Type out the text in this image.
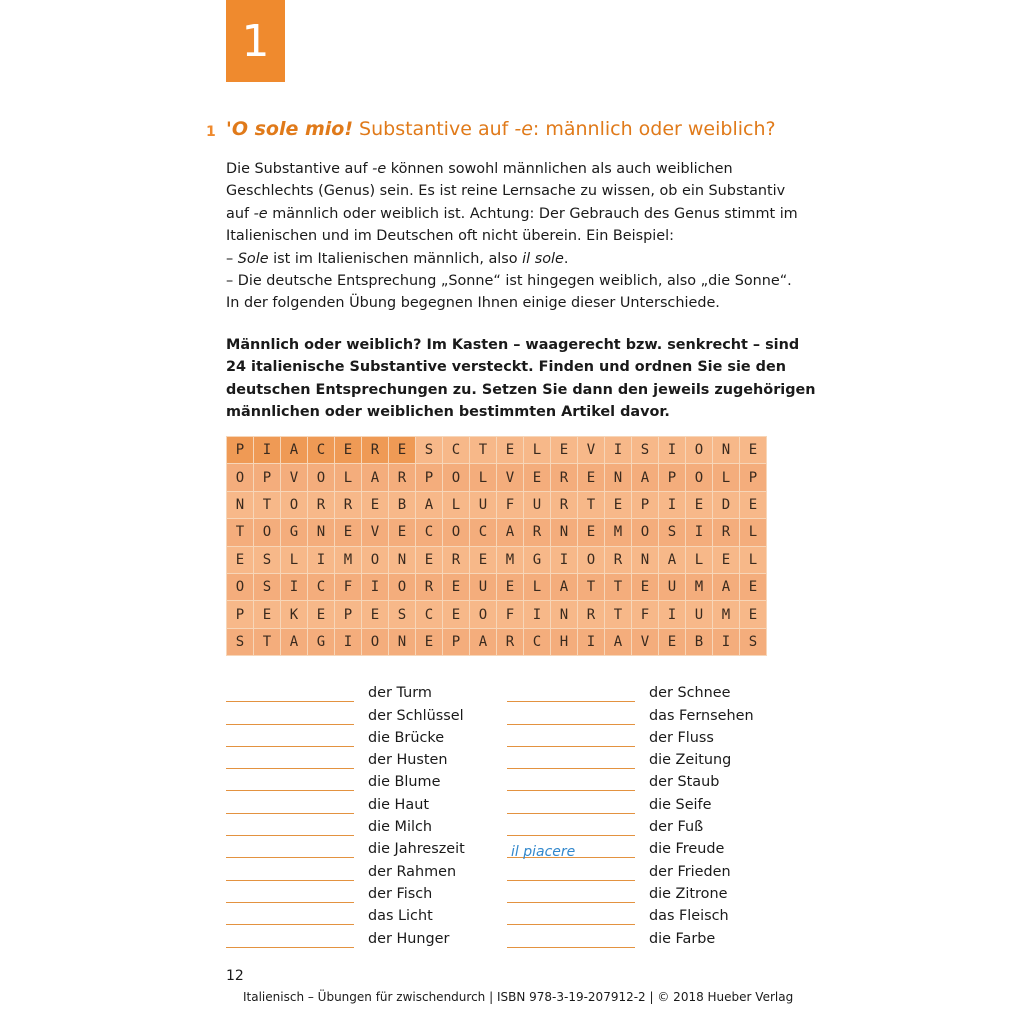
1
1 'O sole mio! Substantive auf -e: männlich oder weiblich?

Die Substantive auf -e können sowohl männlichen als auch weiblichen

Geschlechts (Genus) sein. Es ist reine Lernsache zu wissen, ob ein Substantiv

auf -e männlich oder weiblich ist. Achtung: Der Gebrauch des Genus stimmt im

Italienischen und im Deutschen oft nicht überein. Ein Beispiel:

– Sole ist im Italienischen männlich, also il sole.

– Die deutsche Entsprechung „Sonne“ ist hingegen weiblich, also „die Sonne“.

In der folgenden Übung begegnen Ihnen einige dieser Unterschiede.

Männlich oder weiblich? Im Kasten – waagerecht bzw. senkrecht – sind

24 italienische Substantive versteckt. Finden und ordnen Sie sie den

deutschen Entsprechungen zu. Setzen Sie dann den jeweils zugehörigen

männlichen oder weiblichen bestimmten Artikel davor.

P	I	A	C	E	R	E	S	C	T	E	L	E	V	I	S	I	O	N	E
O	P	V	O	L	A	R	P	O	L	V	E	R	E	N	A	P	O	L	P
N	T	O	R	R	E	B	A	L	U	F	U	R	T	E	P	I	E	D	E
T	O	G	N	E	V	E	C	O	C	A	R	N	E	M	O	S	I	R	L
E	S	L	I	M	O	N	E	R	E	M	G	I	O	R	N	A	L	E	L
O	S	I	C	F	I	O	R	E	U	E	L	A	T	T	E	U	M	A	E
P	E	K	E	P	E	S	C	E	O	F	I	N	R	T	F	I	U	M	E
S	T	A	G	I	O	N	E	P	A	R	C	H	I	A	V	E	B	I	S
der Turm
der Schlüssel
die Brücke
der Husten
die Blume
die Haut
die Milch
die Jahreszeit
der Rahmen
der Fisch
das Licht
der Hunger
der Schnee
das Fernsehen
der Fluss
die Zeitung
der Staub
die Seife
der Fuß
il piacere	die Freude
der Frieden
die Zitrone
das Fleisch
die Farbe
12
Italienisch – Übungen für zwischendurch | ISBN 978-3-19-207912-2 | © 2018 Hueber Verlag
